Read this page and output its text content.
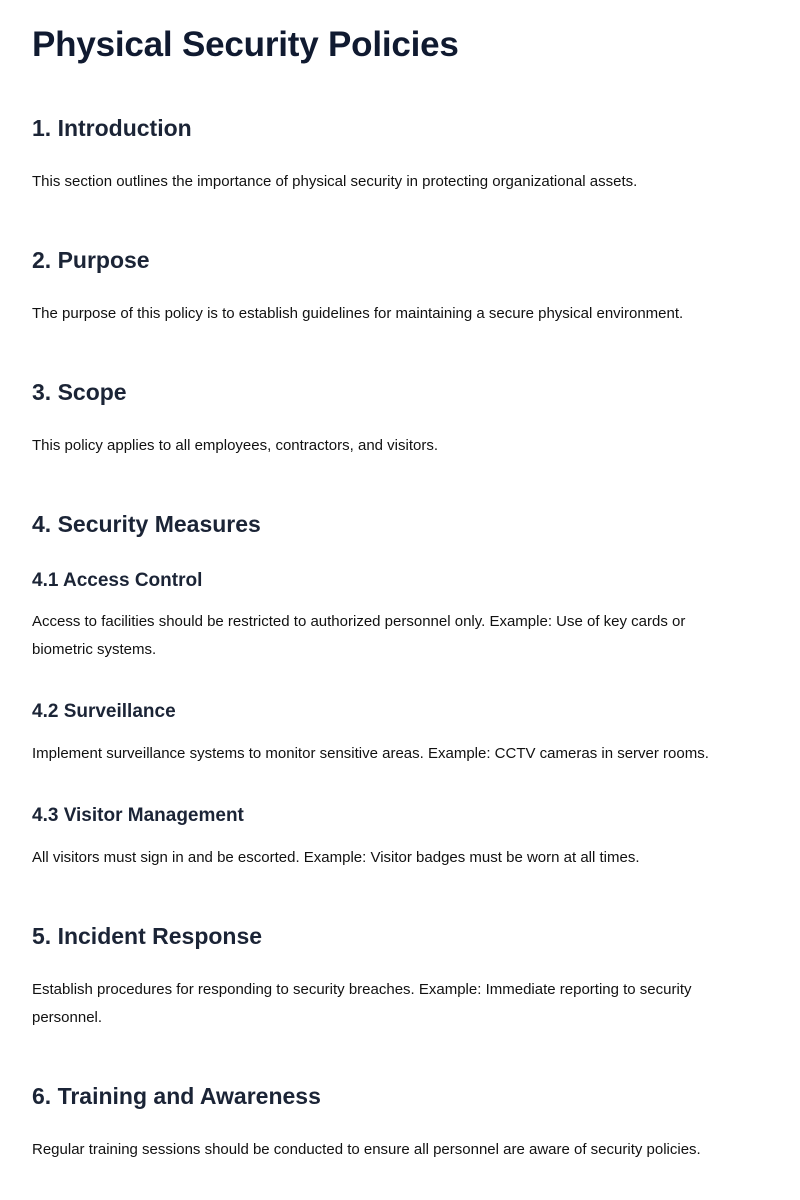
Physical Security Policies
1. Introduction

This section outlines the importance of physical security in protecting organizational assets.

2. Purpose

The purpose of this policy is to establish guidelines for maintaining a secure physical environment.

3. Scope

This policy applies to all employees, contractors, and visitors.

4. Security Measures
4.1 Access Control

Access to facilities should be restricted to authorized personnel only. Example: Use of key cards or biometric systems.

4.2 Surveillance

Implement surveillance systems to monitor sensitive areas. Example: CCTV cameras in server rooms.

4.3 Visitor Management

All visitors must sign in and be escorted. Example: Visitor badges must be worn at all times.

5. Incident Response

Establish procedures for responding to security breaches. Example: Immediate reporting to security personnel.

6. Training and Awareness

Regular training sessions should be conducted to ensure all personnel are aware of security policies.
